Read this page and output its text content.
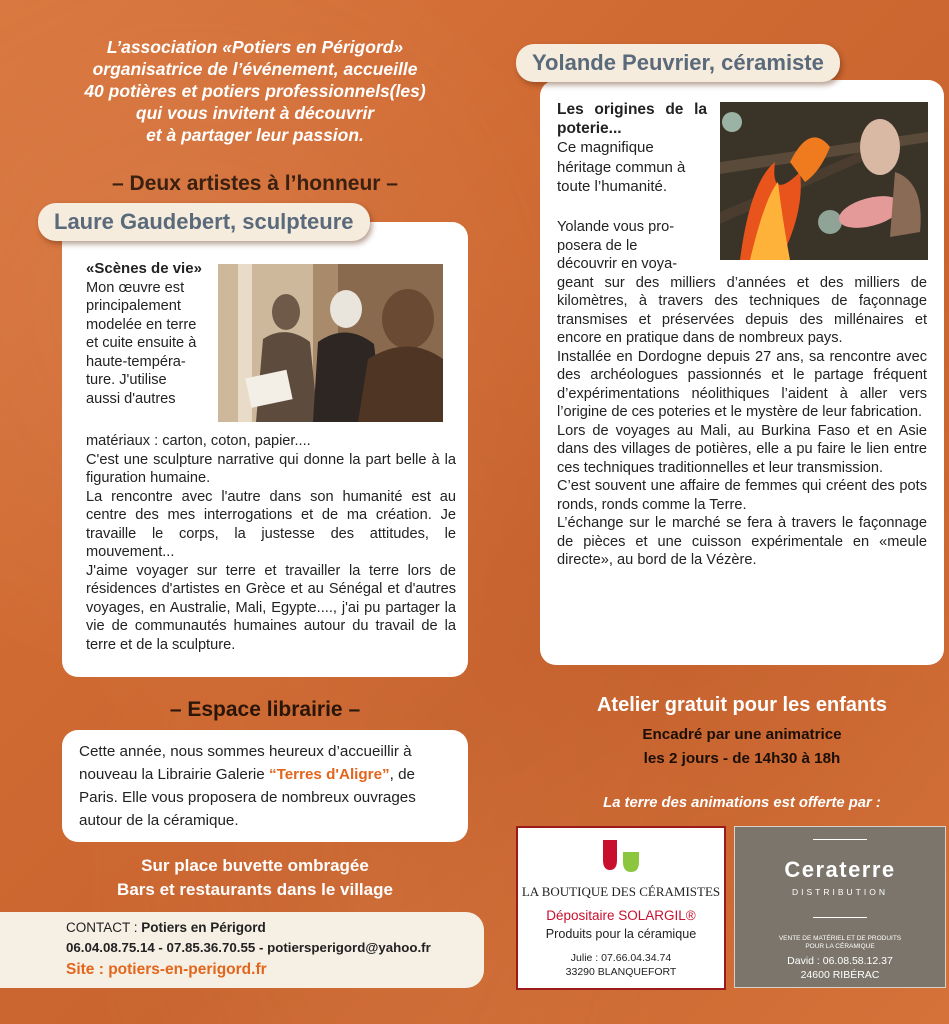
L’association «Potiers en Périgord»
organisatrice de l’événement, accueille
40 potières et potiers professionnels(les)
qui vous invitent à découvrir
et à partager leur passion.
– Deux artistes à l’honneur –

«Scènes de vie»

Mon œuvre est

principalement

modelée en terre

et cuite ensuite à

haute-tempéra-

ture. J'utilise

aussi d'autres

matériaux : carton, coton, papier....

C'est une sculpture narrative qui donne la part belle à la figuration humaine.

La rencontre avec l'autre dans son humanité est au centre des mes interrogations et de ma création. Je travaille le corps, la justesse des attitudes, le mouvement...

J'aime voyager sur terre et travailler la terre lors de résidences d'artistes en Grèce et au Sénégal et d'autres voyages, en Australie, Mali, Egypte...., j'ai pu partager la vie de communautés humaines autour du travail de la terre et de la sculpture.

Laure Gaudebert, sculpteure

Les origines de la poterie...

Ce magnifique héritage commun à toute l’humanité.

Yolande vous pro-

posera de le

découvrir en voya-

geant sur des milliers d’années et des milliers de kilomètres, à travers des techniques de façonnage transmises et préservées depuis des millénaires et encore en pratique dans de nombreux pays.

Installée en Dordogne depuis 27 ans, sa rencontre avec des archéologues passionnés et le partage fréquent d’expérimentations néolithiques l’aident à aller vers l’origine de ces poteries et le mystère de leur fabrication.

Lors de voyages au Mali, au Burkina Faso et en Asie dans des villages de potières, elle a pu faire le lien entre ces techniques traditionnelles et leur transmission.

C’est souvent une affaire de femmes qui créent des pots ronds, ronds comme la Terre.

L’échange sur le marché se fera à travers le façonnage de pièces et une cuisson expérimentale en «meule directe», au bord de la Vézère.

Yolande Peuvrier, céramiste
– Espace librairie –

Cette année, nous sommes heureux d’accueillir à nouveau la Librairie Galerie “Terres d'Aligre”, de Paris. Elle vous proposera de nombreux ouvrages autour de la céramique.

Sur place buvette ombragée
Bars et restaurants dans le village
CONTACT : Potiers en Périgord
06.04.08.75.14 - 07.85.36.70.55 - potiersperigord@yahoo.fr
Site : potiers-en-perigord.fr
Atelier gratuit pour les enfants
Encadré par une animatrice
les 2 jours - de 14h30 à 18h
La terre des animations est offerte par :
LA BOUTIQUE DES CÉRAMISTES
Dépositaire SOLARGIL®
Produits pour la céramique
Julie : 07.66.04.34.74
33290 BLANQUEFORT
Ceraterre
DISTRIBUTION
VENTE DE MATÉRIEL ET DE PRODUITS
POUR LA CÉRAMIQUE
David : 06.08.58.12.37
24600 RIBÉRAC
